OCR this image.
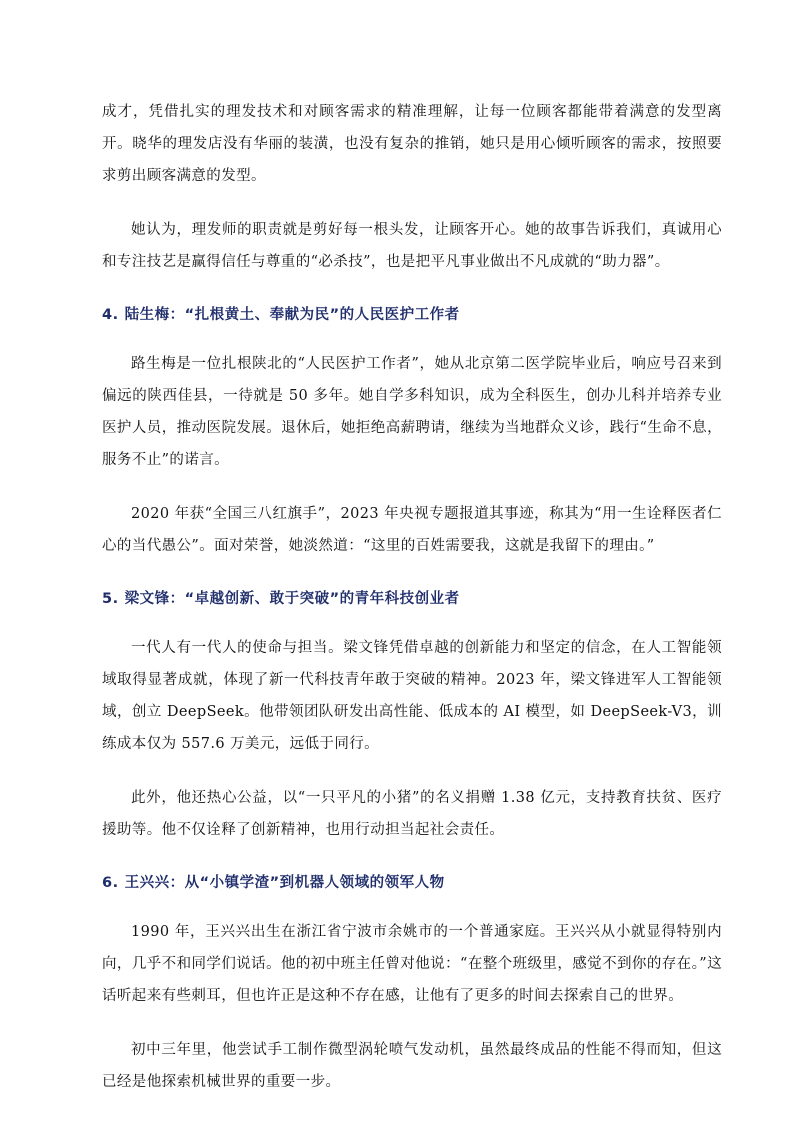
成才，凭借扎实的理发技术和对顾客需求的精准理解，让每一位顾客都能带着满意的发型离开。晓华的理发店没有华丽的装潢，也没有复杂的推销，她只是用心倾听顾客的需求，按照要求剪出顾客满意的发型。

她认为，理发师的职责就是剪好每一根头发，让顾客开心。她的故事告诉我们，真诚用心和专注技艺是赢得信任与尊重的“必杀技”，也是把平凡事业做出不凡成就的“助力器”。

4. 陆生梅：“扎根黄土、奉献为民”的人民医护工作者

路生梅是一位扎根陕北的“人民医护工作者”，她从北京第二医学院毕业后，响应号召来到偏远的陕西佳县，一待就是 50 多年。她自学多科知识，成为全科医生，创办儿科并培养专业医护人员，推动医院发展。退休后，她拒绝高薪聘请，继续为当地群众义诊，践行“生命不息，服务不止”的诺言。

2020 年获“全国三八红旗手”，2023 年央视专题报道其事迹，称其为“用一生诠释医者仁心的当代愚公”。面对荣誉，她淡然道：“这里的百姓需要我，这就是我留下的理由。”

5. 梁文锋：“卓越创新、敢于突破”的青年科技创业者

一代人有一代人的使命与担当。梁文锋凭借卓越的创新能力和坚定的信念，在人工智能领域取得显著成就，体现了新一代科技青年敢于突破的精神。2023 年，梁文锋进军人工智能领域，创立 DeepSeek。他带领团队研发出高性能、低成本的 AI 模型，如 DeepSeek-V3，训练成本仅为 557.6 万美元，远低于同行。

此外，他还热心公益，以“一只平凡的小猪”的名义捐赠 1.38 亿元，支持教育扶贫、医疗援助等。他不仅诠释了创新精神，也用行动担当起社会责任。

6. 王兴兴：从“小镇学渣”到机器人领域的领军人物

1990 年，王兴兴出生在浙江省宁波市余姚市的一个普通家庭。王兴兴从小就显得特别内向，几乎不和同学们说话。他的初中班主任曾对他说：“在整个班级里，感觉不到你的存在。”这话听起来有些刺耳，但也许正是这种不存在感，让他有了更多的时间去探索自己的世界。

初中三年里，他尝试手工制作微型涡轮喷气发动机，虽然最终成品的性能不得而知，但这已经是他探索机械世界的重要一步。
